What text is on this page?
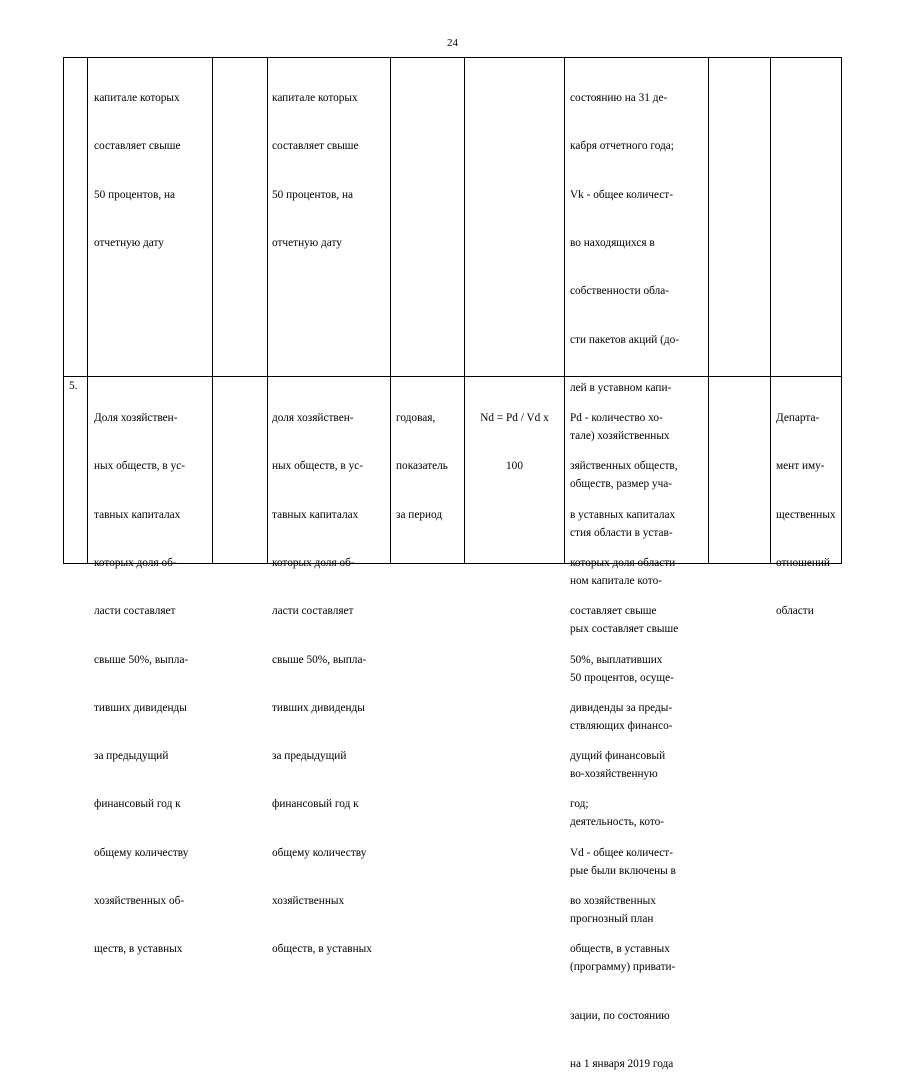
24

капитале которых

составляет свыше

50 процентов, на

отчетную дату

капитале которых

составляет свыше

50 процентов, на

отчетную дату

состоянию на 31 де-

кабря отчетного года;

Vk - общее количест-

во находящихся в

собственности обла-

сти пакетов акций (до-

лей в уставном капи-

тале) хозяйственных

обществ, размер уча-

стия области в устав-

ном капитале кото-

рых составляет свыше

50 процентов, осуще-

ствляющих финансо-

во-хозяйственную

деятельность, кото-

рые были включены в

прогнозный план

(программу) привати-

зации, по состоянию

на 1 января 2019 года

5.

Доля хозяйствен-

ных обществ, в ус-

тавных капиталах

которых доля об-

ласти составляет

свыше 50%, выпла-

тивших дивиденды

за предыдущий

финансовый год к

общему количеству

хозяйственных об-

ществ, в уставных

доля хозяйствен-

ных обществ, в ус-

тавных капиталах

которых доля об-

ласти составляет

свыше 50%, выпла-

тивших дивиденды

за предыдущий

финансовый год к

общему количеству

хозяйственных

обществ, в уставных

годовая,

показатель

за период

Nd = Pd / Vd x

100

Pd - количество хо-

зяйственных обществ,

в уставных капиталах

которых доля области

составляет свыше

50%, выплативших

дивиденды за преды-

дущий финансовый

год;

Vd - общее количест-

во хозяйственных

обществ, в уставных

Департа-

мент иму-

щественных

отношений

области
